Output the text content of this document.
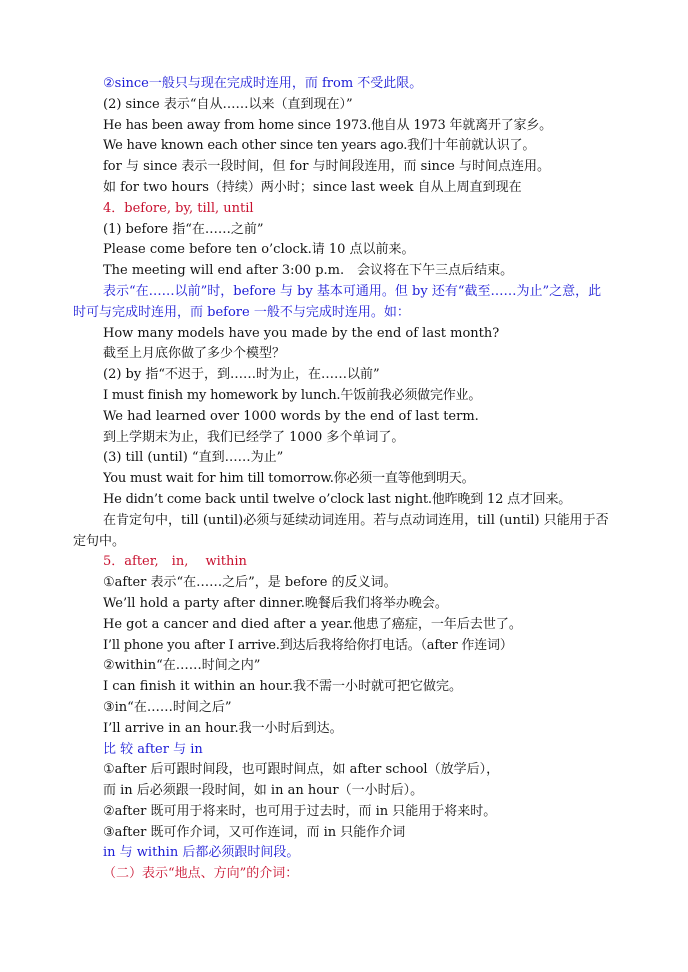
②since一般只与现在完成时连用，而 from 不受此限。
(2) since 表示“自从……以来（直到现在）”
He has been away from home since 1973.他自从 1973 年就离开了家乡。
We have known each other since ten years ago.我们十年前就认识了。
for 与 since 表示一段时间，但 for 与时间段连用，而 since 与时间点连用。
如 for two hours（持续）两小时；since last week 自从上周直到现在
4．before, by, till, until
(1) before 指“在……之前”
Please come before ten o’clock.请 10 点以前来。
The meeting will end after 3:00 p.m.　会议将在下午三点后结束。
表示“在……以前”时，before 与 by 基本可通用。但 by 还有“截至……为止”之意，此时可与完成时连用，而 before 一般不与完成时连用。如：
How many models have you made by the end of last month?
截至上月底你做了多少个模型？
(2) by 指“不迟于，到……时为止，在……以前”
I must finish my homework by lunch.午饭前我必须做完作业。
We had learned over 1000 words by the end of last term.
到上学期末为止，我们已经学了 1000 多个单词了。
(3) till (until) “直到……为止”
You must wait for him till tomorrow.你必须一直等他到明天。
He didn’t come back until twelve o’clock last night.他昨晚到 12 点才回来。
在肯定句中，till (until)必须与延续动词连用。若与点动词连用，till (until) 只能用于否定句中。
5．after,　in,　 within
①after 表示“在……之后”，是 before 的反义词。
We’ll hold a party after dinner.晚餐后我们将举办晚会。
He got a cancer and died after a year.他患了癌症，一年后去世了。
I’ll phone you after I arrive.到达后我将给你打电话。（after 作连词）
②within“在……时间之内”
I can finish it within an hour.我不需一小时就可把它做完。
③in“在……时间之后”
I’ll arrive in an hour.我一小时后到达。
比 较 after 与 in
①after 后可跟时间段，也可跟时间点，如 after school（放学后），
而 in 后必须跟一段时间，如 in an hour（一小时后）。
②after 既可用于将来时，也可用于过去时，而 in 只能用于将来时。
③after 既可作介词，又可作连词，而 in 只能作介词
in 与 within 后都必须跟时间段。
（二）表示“地点、方向”的介词：
